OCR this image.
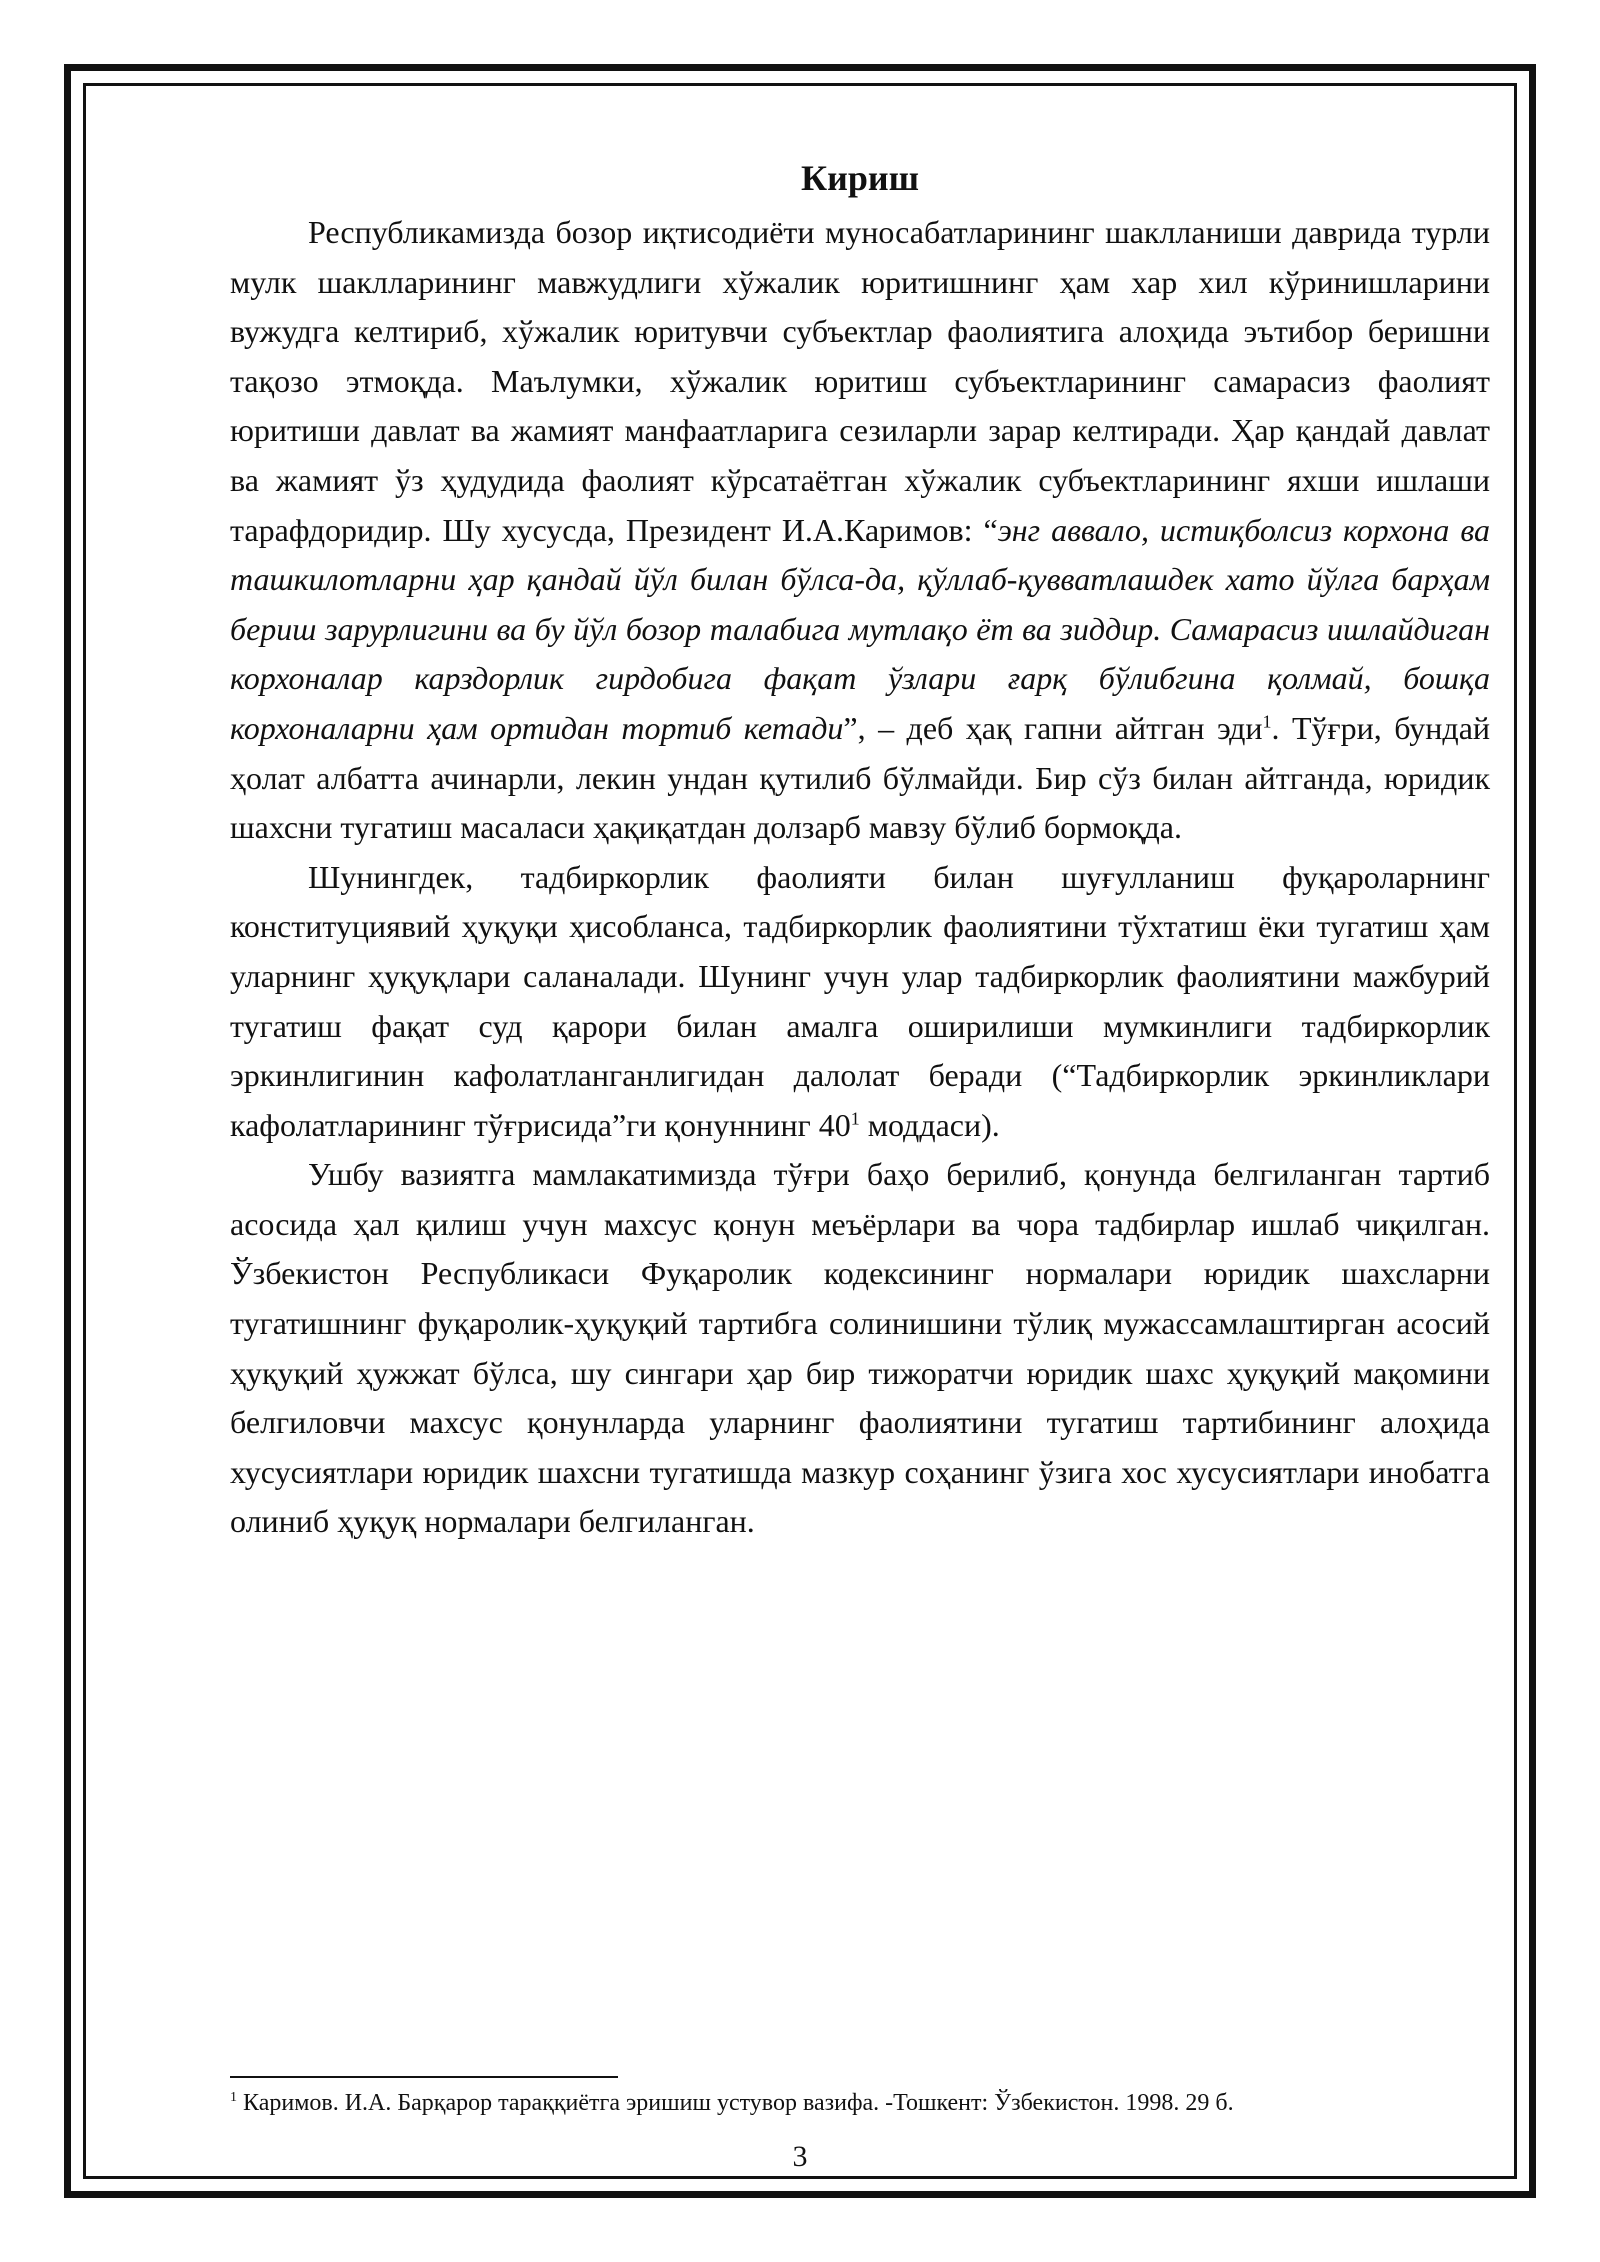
Кириш

Республикамизда бозор иқтисодиёти муносабатларининг шаклланиши даврида турли мулк шаклларининг мавжудлиги хўжалик юритишнинг ҳам хар хил кўринишларини вужудга келтириб, хўжалик юритувчи субъектлар фаолиятига алоҳида эътибор беришни тақозо этмоқда. Маълумки, хўжалик юритиш субъектларининг самарасиз фаолият юритиши давлат ва жамият манфаатларига сезиларли зарар келтиради. Ҳар қандай давлат ва жамият ўз ҳудудида фаолият кўрсатаётган хўжалик субъектларининг яхши ишлаши тарафдоридир. Шу хусусда, Президент И.А.Каримов: “энг аввало, истиқболсиз корхона ва ташкилотларни ҳар қандай йўл билан бўлса-да, қўллаб-қувватлашдек хато йўлга барҳам бериш зарурлигини ва бу йўл бозор талабига мутлақо ёт ва зиддир. Самарасиз ишлайдиган корхоналар карздорлик гирдобига фақат ўзлари ғарқ бўлибгина қолмай, бошқа корхоналарни ҳам ортидан тортиб кетади”, – деб ҳақ гапни айтган эди$^1$. Тўғри, бундай ҳолат албатта ачинарли, лекин ундан қутилиб бўлмайди. Бир сўз билан айтганда, юридик шахсни тугатиш масаласи ҳақиқатдан долзарб мавзу бўлиб бормоқда.

Шунингдек, тадбиркорлик фаолияти билан шуғулланиш фуқароларнинг конституциявий ҳуқуқи ҳисобланса, тадбиркорлик фаолиятини тўхтатиш ёки тугатиш ҳам уларнинг ҳуқуқлари саланалади. Шунинг учун улар тадбиркорлик фаолиятини мажбурий тугатиш фақат суд қарори билан амалга оширилиши мумкинлиги тадбиркорлик эркинлигинин кафолатланганлигидан далолат беради (“Тадбиркорлик эркинликлари кафолатларининг тўғрисида”ги қонуннинг $40^1$ моддаси).

Ушбу вазиятга мамлакатимизда тўғри баҳо берилиб, қонунда белгиланган тартиб асосида ҳал қилиш учун махсус қонун меъёрлари ва чора тадбирлар ишлаб чиқилган. Ўзбекистон Республикаси Фуқаролик кодексининг нормалари юридик шахсларни тугатишнинг фуқаролик-ҳуқуқий тартибга солинишини тўлиқ мужассамлаштирган асосий ҳуқуқий ҳужжат бўлса, шу сингари ҳар бир тижоратчи юридик шахс ҳуқуқий мақомини белгиловчи махсус қонунларда уларнинг фаолиятини тугатиш тартибининг алоҳида хусусиятлари юридик шахсни тугатишда мазкур соҳанинг ўзига хос хусусиятлари инобатга олиниб ҳуқуқ нормалари белгиланган.

$^1$ Каримов. И.А. Барқарор тараққиётга эришиш устувор вазифа. -Тошкент: Ўзбекистон. 1998. 29 б.
3
